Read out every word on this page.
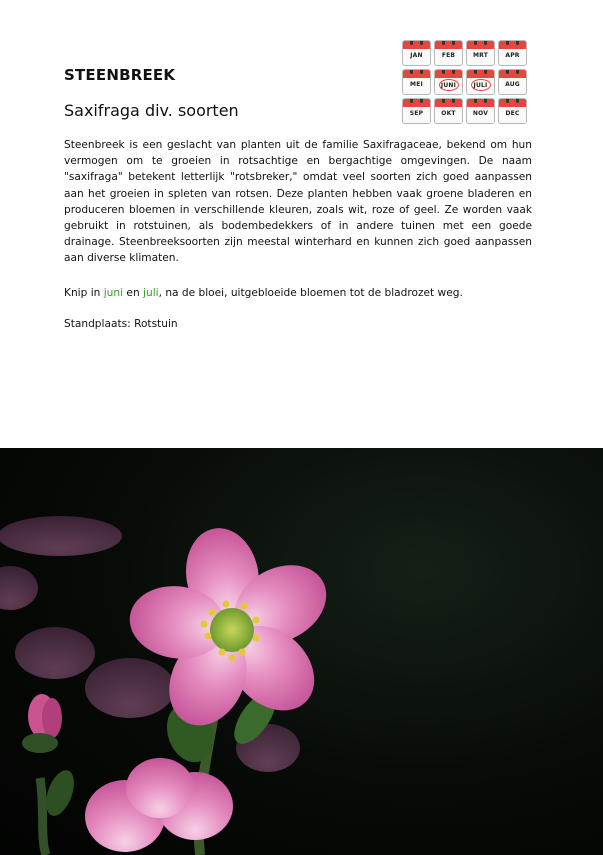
STEENBREEK
Saxifraga div. soorten
JAN	FEB	MRT	APR
MEI	JUNI	JULI	AUG
SEP	OKT	NOV	DEC

Steenbreek is een geslacht van planten uit de familie Saxifragaceae, bekend om hun vermogen om te groeien in rotsachtige en bergachtige omgevingen. De naam "saxifraga" betekent letterlijk "rotsbreker," omdat veel soorten zich goed aanpassen aan het groeien in spleten van rotsen. Deze planten hebben vaak groene bladeren en produceren bloemen in verschillende kleuren, zoals wit, roze of geel. Ze worden vaak gebruikt in rotstuinen, als bodembedekkers of in andere tuinen met een goede drainage. Steenbreeksoorten zijn meestal winterhard en kunnen zich goed aanpassen aan diverse klimaten.

Knip in juni en juli, na de bloei, uitgebloeide bloemen tot de bladrozet weg.

Standplaats: Rotstuin
